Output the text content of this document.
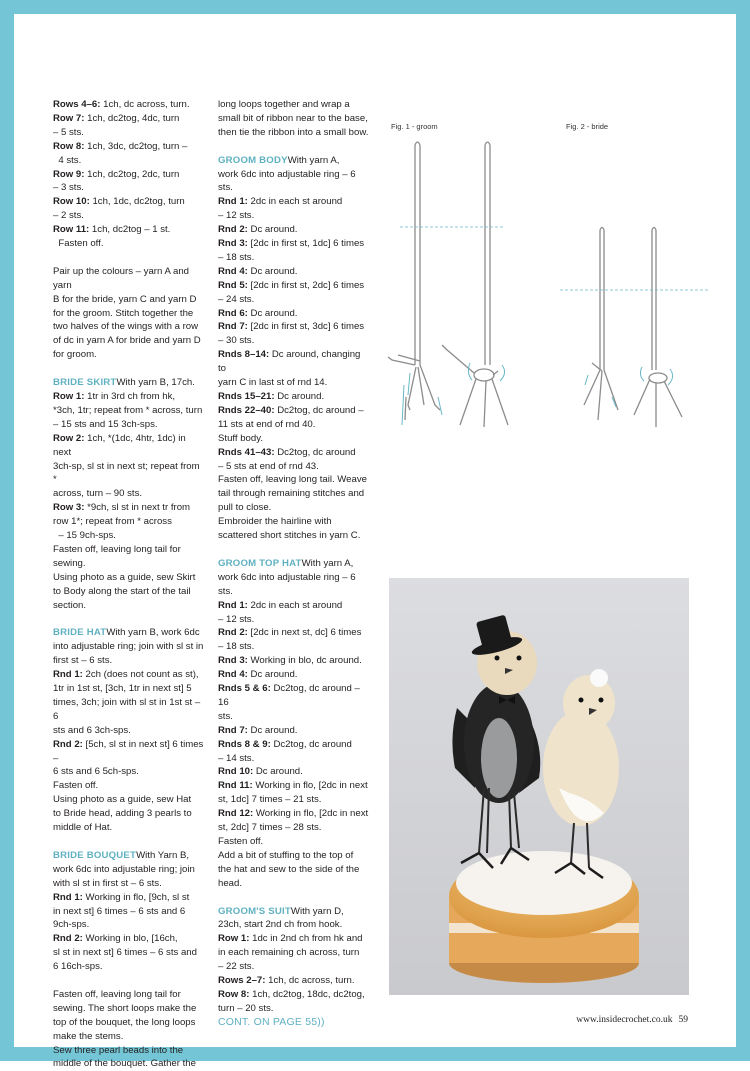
Rows 4–6: 1ch, dc across, turn.

Row 7: 1ch, dc2tog, 4dc, turn
– 5 sts.

Row 8: 1ch, 3dc, dc2tog, turn –
4 sts.

Row 9: 1ch, dc2tog, 2dc, turn
– 3 sts.

Row 10: 1ch, 1dc, dc2tog, turn
– 2 sts.

Row 11: 1ch, dc2tog – 1 st.
Fasten off.

Pair up the colours – yarn A and yarn
B for the bride, yarn C and yarn D
for the groom. Stitch together the
two halves of the wings with a row
of dc in yarn A for bride and yarn D
for groom.

BRIDE SKIRTWith yarn B, 17ch.

Row 1: 1tr in 3rd ch from hk,
*3ch, 1tr; repeat from * across, turn
– 15 sts and 15 3ch-sps.

Row 2: 1ch, *(1dc, 4htr, 1dc) in next
3ch-sp, sl st in next st; repeat from *
across, turn – 90 sts.

Row 3: *9ch, sl st in next tr from
row 1*; repeat from * across
– 15 9ch-sps.

Fasten off, leaving long tail for
sewing.

Using photo as a guide, sew Skirt
to Body along the start of the tail
section.

BRIDE HATWith yarn B, work 6dc
into adjustable ring; join with sl st in
first st – 6 sts.

Rnd 1: 2ch (does not count as st),
1tr in 1st st, [3ch, 1tr in next st] 5
times, 3ch; join with sl st in 1st st – 6
sts and 6 3ch-sps.

Rnd 2: [5ch, sl st in next st] 6 times –
6 sts and 6 5ch-sps.

Fasten off.

Using photo as a guide, sew Hat
to Bride head, adding 3 pearls to
middle of Hat.

BRIDE BOUQUETWith Yarn B,
work 6dc into adjustable ring; join
with sl st in first st – 6 sts.

Rnd 1: Working in flo, [9ch, sl st
in next st] 6 times – 6 sts and 6
9ch-sps.

Rnd 2: Working in blo, [16ch,
sl st in next st] 6 times – 6 sts and
6 16ch-sps.

Fasten off, leaving long tail for
sewing. The short loops make the
top of the bouquet, the long loops
make the stems.
Sew three pearl beads into the
middle of the bouquet. Gather the

long loops together and wrap a
small bit of ribbon near to the base,
then tie the ribbon into a small bow.

GROOM BODYWith yarn A,
work 6dc into adjustable ring – 6
sts.

Rnd 1: 2dc in each st around
– 12 sts.

Rnd 2: Dc around.

Rnd 3: [2dc in first st, 1dc] 6 times
– 18 sts.

Rnd 4: Dc around.

Rnd 5: [2dc in first st, 2dc] 6 times
– 24 sts.

Rnd 6: Dc around.

Rnd 7: [2dc in first st, 3dc] 6 times
– 30 sts.

Rnds 8–14: Dc around, changing to
yarn C in last st of rnd 14.

Rnds 15–21: Dc around.

Rnds 22–40: Dc2tog, dc around –
11 sts at end of rnd 40.

Stuff body.

Rnds 41–43: Dc2tog, dc around
– 5 sts at end of rnd 43.

Fasten off, leaving long tail. Weave
tail through remaining stitches and
pull to close.
Embroider the hairline with
scattered short stitches in yarn C.

GROOM TOP HATWith yarn A,
work 6dc into adjustable ring – 6
sts.

Rnd 1: 2dc in each st around
– 12 sts.

Rnd 2: [2dc in next st, dc] 6 times
– 18 sts.

Rnd 3: Working in blo, dc around.

Rnd 4: Dc around.

Rnds 5 & 6: Dc2tog, dc around – 16
sts.

Rnd 7: Dc around.

Rnds 8 & 9: Dc2tog, dc around
– 14 sts.

Rnd 10: Dc around.

Rnd 11: Working in flo, [2dc in next
st, 1dc] 7 times – 21 sts.

Rnd 12: Working in flo, [2dc in next
st, 2dc] 7 times – 28 sts.

Fasten off.

Add a bit of stuffing to the top of
the hat and sew to the side of the
head.

GROOM'S SUITWith yarn D,
23ch, start 2nd ch from hook.

Row 1: 1dc in 2nd ch from hk and
in each remaining ch across, turn
– 22 sts.

Rows 2–7: 1ch, dc across, turn.

Row 8: 1ch, dc2tog, 18dc, dc2tog,
turn – 20 sts.

CONT. ON PAGE 55))

Fig. 1 - groom	Fig. 2 - bride
www.insidecrochet.co.uk 59
